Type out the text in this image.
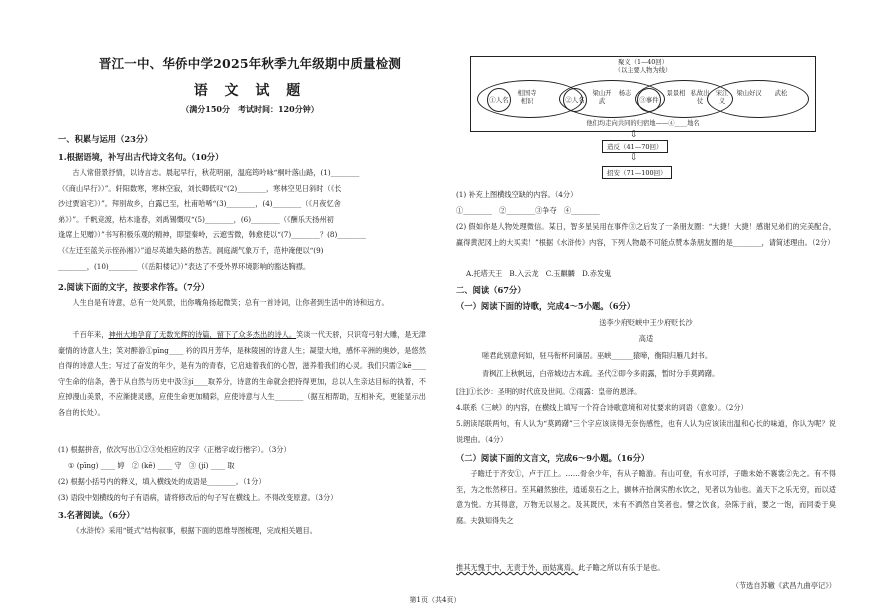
晋江一中、华侨中学2025年秋季九年级期中质量检测
语 文 试 题
（满分150分　考试时间：120分钟）
一、积累与运用（23分）
1.根据语境，补写出古代诗文名句。（10分）
古人常借景抒情，以诗言志。晨起早行，秋花明丽，温庭筠吟咏“桐叶落山路，(1)________
（《商山早行》）”。轩阳数寒，寒林空寂，刘长卿低叹“(2)________，寒林空见日斜时（《长
沙过贾谊宅》）”。拜别故乡，白露已至，杜甫哈唏“(3)________，(4)________（《月夜忆舍
弟》）”。千帆竞渡，枯木逢春，刘禹锡慨叹“(5)________，(6)________（《酬乐天扬州初
逢席上见赠》）”书写积极乐观的精神，即望秦岭，云遮雪微，韩愈使以“(7)________？(8)________
（《左迁至蓝关示侄孙湘》）”道尽英雄失路的愁苦。洞庭湖气象万千，范仲淹便以“(9)
________，(10)________（《岳阳楼记》）”表达了不受外界环境影响的豁达胸襟。
2.阅读下面的文字，按要求作答。（7分）
人生自是有诗意，总有一处风景，出你嘴角扬起微笑；总有一首诗词，让你者到生活中的诗和远方。
千百年来，神州大地孕育了无数光辉的诗篇，留下了众多杰出的诗人。笑谈一代天骄，只识弯弓射大雕，是无津豪情的诗意人生；笑对醉游①pīng____ 衿的四月芳华，是秣陵困的诗意人生；凝望大地，感怀辛洲的奥妙，是悠然自得的诗意人生；写过了奋发的年少，是有为的青春，它启迪着我们的心智，滋养着我们的心灵。我们只需②kē____守生命的信条，善于从自然与历史中汲③jí____取养分，诗意的生命就会把持得更加，总以人生亲达目标的执着，不应掉漫山美景，不应渐捷灵感，应使生命更加精彩，应使诗意与人生________（据互相帮助，互相补充，更能显示出各自的长处）。
(1) 根据拼音，依次写出①②③处相应的汉字（正楷字或行楷字）。（3分）
① (pīng) ____ 婷　② (kē) ____ 守　③ (jí) ____ 取
(2) 根据小括号内的释义，填入横线处的成语是________。（1分）
(3) 语段中划横线的句子有语病，请将修改后的句子写在横线上。不得改变原意。（3分）
3.名著阅读。（6分）
《水浒传》采用“链式”结构叙事，根据下面的思维导图梳理，完成相关题目。
聚义（1—40回）
（以主要人物为线）
①人名
相国寺相识	②人名
梁山开武
杨志
③事件
景景相 私故出仗
宋江义
梁山好汉	武松
他们均走向共同的归宿地——④____地名
造反（41—70回）
⇩
⇩
招安（71—100回）
(1) 补充上图横线空缺的内容。（4分）
①________　②________③争夺　④________
(2) 假如你是人物处理微信。某日，智多星吴用在事件③之后发了一条朋友圈：“大捷！大捷！感谢兄弟们的完美配合，赢得黄泥冈上的大买卖！”根据《水浒传》内容，下列人物最不可能点赞本条朋友圈的是________，请简述理由。（2分）
A.托塔天王　B.入云龙　C.玉麒麟　D.赤发鬼
二、阅读（67分）
（一）阅读下面的诗歌，完成4～5小题。（6分）
送李少府贬峡中王少府贬长沙
高适
嗟君此别意何如，驻马衔杯问谪居。巫峡______猿啼，衡阳归雁几封书。
青枫江上秋帆远，白帝城边古木疏。圣代②即今多雨露，暂时分手莫踌躇。
[注]①长沙：圣明的时代庶及世间。②雨露：皇帝的恩泽。
4.联系《三峡》的内容，在横线上填写一个符合诗歌意境和对仗要求的词语（意象）。（2分）
5.朗读尾联两句，有人认为“莫踌躇”三个字应该读得无奈伤感性，也有人认为应该读出温和心长的味道，你认为呢？说说理由。（4分）
（二）阅读下面的文言文，完成6～9小题。（16分）
子瞻迁于齐安①，卢于江上。……骨余少年，有从子瞻游。有山可登，有水可浮，子瞻未始不褰裳②先之。有不得至，为之怅然移日。至其翩然独往，逍遥泉石之上，撷林卉拾涧实酌水饮之，见者以为仙也。盖天下之乐无穷，而以适意为悦。方其得意，万物无以易之。及其既厌，未有不洒然自笑者也。譬之饮食，杂陈于前，要之一饱，而同委于臭腐。夫孰知得失之
推其无愧于中，无责于外，而姑寓焉。此子瞻之所以有乐于是也。
（节选自苏辙《武昌九曲亭记》）
第1页（共4页）
